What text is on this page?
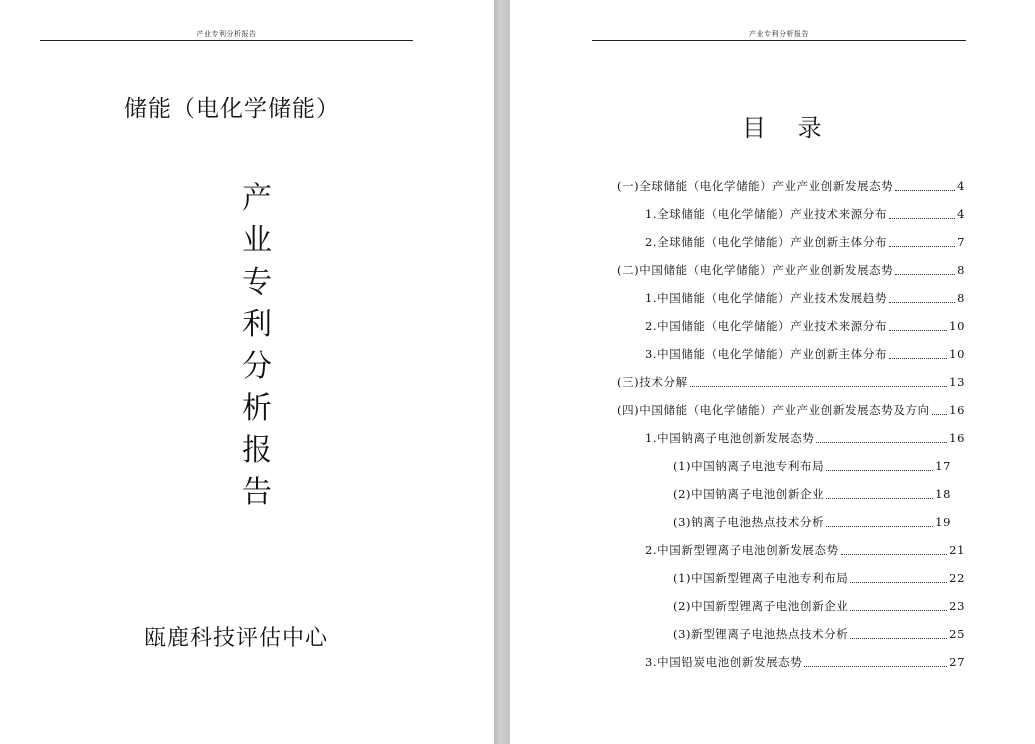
产业专利分析报告
储能（电化学储能）
产业专利分析报告
瓯鹿科技评估中心
产业专利分析报告
目 录
(一)全球储能（电化学储能）产业产业创新发展态势	4
1.全球储能（电化学储能）产业技术来源分布	4
2.全球储能（电化学储能）产业创新主体分布	7
(二)中国储能（电化学储能）产业产业创新发展态势	8
1.中国储能（电化学储能）产业技术发展趋势	8
2.中国储能（电化学储能）产业技术来源分布	10
3.中国储能（电化学储能）产业创新主体分布	10
(三)技术分解	13
(四)中国储能（电化学储能）产业产业创新发展态势及方向 16
1.中国钠离子电池创新发展态势	16
(1)中国钠离子电池专利布局	17
(2)中国钠离子电池创新企业	18
(3)钠离子电池热点技术分析	19
2.中国新型锂离子电池创新发展态势	21
(1)中国新型锂离子电池专利布局	22
(2)中国新型锂离子电池创新企业	23
(3)新型锂离子电池热点技术分析	25
3.中国铅炭电池创新发展态势	27
